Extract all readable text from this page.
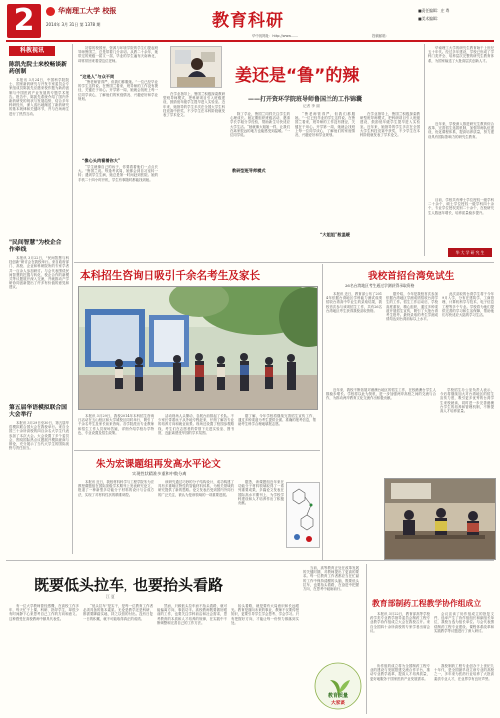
2	华南理工大学 校报
2014年 3月 31日 第 1378 期	教育科研
■责任编辑：庄 粤
■美术编辑：
华中视网址：http://www.......	投稿邮箱：
科教视讯
陈凯先院士来校畅谈新药创制
本报讯 3月24日，中国科学院院士、国家新药研究与开发专家委员会专家组成员陈凯先应邀来校作题为新药创制与中国医药产业发展的专题学术报告。报告中，陈凯先系统介绍了国内外新药研发的现状与发展趋势，结合多年科研经历，深入浅出地阐述了新药研究的基本规律和关键环节，并与在场师生进行了热烈互动。
"民间智慧"为校企合作牵线
本报讯 3月22日，"民间智慧与科技创新"研讨会在我校举行。来自政府部门、高校、企业和科研院所的专家学者共一百余人参加研讨。与会代表围绕民间智慧的挖掘与转化、校企合作的新模式等议题展开深入交流，并就推动产学研协同创新提出了许多有价值的意见和建议。
第五届华语模拟联合国大会举行
本报讯 3月29日至30日，第五届华语模拟联合国大会在我校举行。来自全国三十余所高校的四百余名大学生代表参加了本次大会。大会设置了多个委员会，围绕国际热点议题展开模拟磋商与辩论，充分展示了当代大学生的国际视野与责任担当。
姜还是“鲁”的辣
——打开资环学院班导师鲁国兰的工作锦囊
记者 李 丽
初春的校园里，资源与环境学院的学生们提起班导师鲁国兰，总是带着几分亲切。从教二十余年，她带过的班级一届又一届，毕业的学生遍布天南海北，却常常回来看望这位老师。
“这是人”与众不同
“鲁老师管得严，但我们都服她。”一位已经毕业的学生这样说。在鲁国兰看来，班导师的工作没有捷径，关键在于用心。开学第一周，她就会找班上每一位同学谈心，了解他们的家庭情况、兴趣爱好和学业规划。
“像心头肉看着你大”
“学生就像自己的孩子，你要看着他们一点点长大。”鲁国兰说。每逢考试周，她都会到自习室转一转；遇到学生生病，她总是第一时间赶到医院。她的手机二十四小时开机，学生有事随时都能找到她。
在学业指导上，鲁国兰积极探索教研型班导师模式，把科研项目引入班级建设，鼓励低年级学生提早进入实验室。近年来，她指导的学生多次在全国大学生科技竞赛中获奖，不少学生在本科阶段就发表了学术论文。
教研型班导师模式
除了学业，鲁国兰同样关注学生的心理成长。她定期组织班级活动，邀请学长学姐分享经验，帮助新生尽快适应大学生活。“她就像大姐姐一样，让我们在离家很远的地方也能感受到温暖。”一位同学说。
“大姐姐”般温暖
“鲁老师管得严，但我们都服她。”一位已经毕业的学生这样说。在鲁国兰看来，班导师的工作没有捷径，关键在于用心。开学第一周，她就会找班上每一位同学谈心，了解他们的家庭情况、兴趣爱好和学业规划。
在学业指导上，鲁国兰积极探索教研型班导师模式，把科研项目引入班级建设，鼓励低年级学生提早进入实验室。近年来，她指导的学生多次在全国大学生科技竞赛中获奖，不少学生在本科阶段就发表了学术论文。
华南理工大学的研究生教育始于上世纪五十年代。经过多年建设，学校已形成了学科门类齐全、培养层次完整的研究生教育体系，为国家输送了大批高层次创新人才。
近年来，学校深入推进研究生教育综合改革，完善招生选拔机制，加强导师队伍建设，优化课程体系，提高培养质量，努力建设具有国际影响力的研究生教育。
目前，学校共有博士学位授权一级学科二十余个，硕士学位授权一级学科四十余个，专业学位授权类别二十余个，在校研究生人数逐年增长，培养质量稳步提升。
华 大 学 研 究 生
本科招生咨询日吸引千余名考生及家长
本报讯 3月29日，我校2014年本科招生咨询日活动在五山校区和大学城校区同时举行，吸引了千余名考生及家长前来咨询。各学院派出专业教师和招生工作人员现场答疑，详细介绍学校办学特色、专业设置及招生政策。
活动现场人头攒动，各展台前排起了长队。不少家长带着孩子从外地专程赶来，仔细了解各专业的培养方向和就业前景。现场还设置了校园参观路线，考生们在志愿者的带领下走进实验室、图书馆，近距离感受华园的学术氛围。
据了解，今年学校将继续完善招生宣传工作，通过多种渠道为考生提供全面、准确的报考信息，帮助考生科学合理地填报志愿。
朱为宏课题组再发高水平论文
实现性状精准多重和中数分离
本报讯 近日，我校材料科学与工程学院朱为宏教授课题组在国际顶级学术期刊上发表研究论文，报道了一种新型多功能分子材料的设计与合成方法，实现了对材料性状的精准调控。
该研究通过巧妙的分子结构设计，成功构建了具有多重响应特性的智能材料体系，为相关领域的研究提供了新的思路。论文发表后受到国内外同行的广泛关注，被认为是该领域的一项重要进展。
据悉，该课题组近年来在功能分子材料领域取得了一系列重要成果，多篇论文发表在国际高水平期刊上，为学校学科建设和人才培养作出了积极贡献。
我校首招台湾免试生
26名台湾地区考生通过学测获得录取资格
本报讯 近日，教育部公布了2014年依据台湾地区学科能力测试成绩招收台湾高中毕业生的录取结果，我校首次参与该项招生工作，共有26名台湾地区考生获得我校录取资格。
据介绍，今年是我校首次参加依据台湾地区学测成绩招收台湾学生的工作。招生工作启动后，学校高度重视，精心组织，通过多种渠道开展招生宣传，吸引了大批台湾考生报考。最终录取的考生学测成绩均达到台湾前标以上水平。
此次录取的台湾学生将于今年9月入学，分布在建筑学、工商管理、计算机科学与技术、电子信息工程等多个专业。学校将为他们提供完善的学习和生活保障，帮助他们尽快适应大陆的学习生活。
近年来，我校不断拓展对港澳台地区的招生工作，在校港澳台学生人数稳步增长。学校将以此为契机，进一步加强两岸高校之间的交流与合作，为推动两岸教育文化交流作出积极贡献。
学校招生办公室负责人表示，今后将继续加大对台湾地区的招生宣传力度，吸引更多优秀的台湾学生来校就读，同时进一步完善港澳台学生的培养和管理机制，不断提高人才培养质量。
既要低头拉车，也要抬头看路
江 夏
有一位大学教师曾经感慨，在高校工作多年，每天忙于上课、科研、指导学生，却很少有时间静下心来思考自己工作的方向和意义。这种感受在高校教师中颇具代表性。
“低头拉车”是实干，是每一位教育工作者必须具备的基本素质。无论是教学还是科研，都需要脚踏实地、持之以恒的付出。没有日复一日的积累，就不可能取得真正的成绩。
然而，只顾低头拉车而不抬头看路，就可能偏离方向，事倍功半。高校教师既要做好眼前的工作，也要关注学科前沿和社会需求，思考教育的本质和人才培养的规律，在实践中不断调整和完善自己的工作方法。
抬头看路，就是要有大局意识和长远眼光。教育是面向未来的事业，教师不仅要传授知识，更要引导学生学会思考、学会学习。只有把握好方向，才能让每一份努力都落到实处。
当前，高等教育正处在改革发展的关键时期，对教师提出了更高的要求。每一位教育工作者都应当在忙碌的工作中保持清醒的头脑，既要低头拉车，也要抬头看路，在奋进中把握方向，在思考中砥砺前行。
教育质量
大家谈
教育部制药工程教学协作组成立
本报讯 3月22日，教育部高等学校药学类专业教学指导委员会制药工程专业教学协作组成立大会在我校召开。来自全国四十余所高校的专家学者出席会议。
会议宣读了协作组成立的批复文件，选举产生了协作组组长和副组长单位，我校当选为组长单位。与会代表围绕制药工程专业建设、课程体系改革和实践教学等议题进行了深入研讨。
协作组的成立将为全国制药工程专业的建设与发展搭建交流合作平台，推动专业教学改革，提高人才培养质量，更好地服务于国家医药产业发展需求。
我校制药工程专业创办于上世纪九十年代，是全国最早设立该专业的高校之一，多年来为医药行业培养了大批高素质专业人才，在业界享有良好声誉。
